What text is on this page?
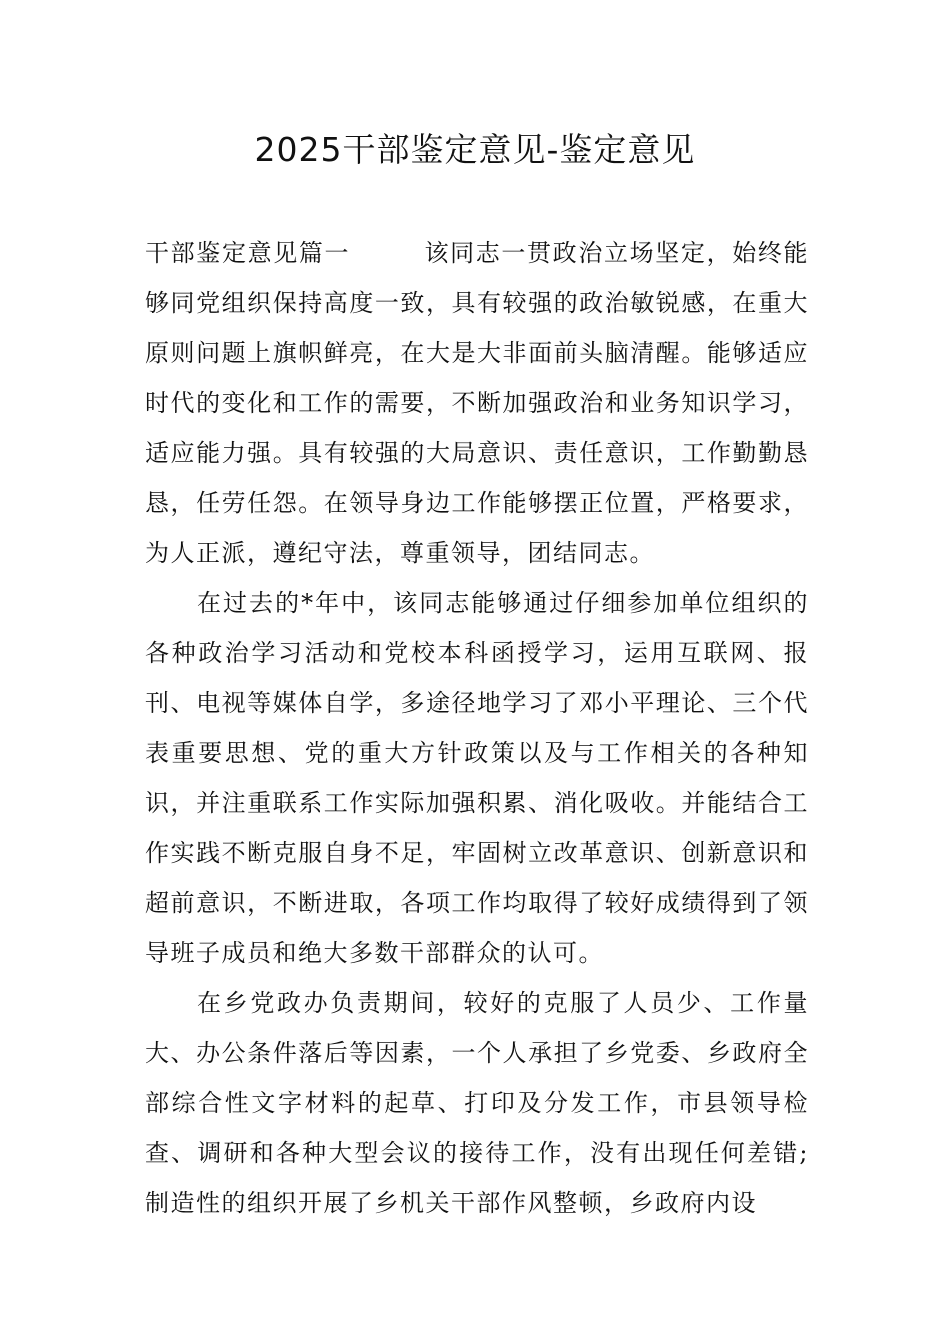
2025干部鉴定意见-鉴定意见

干部鉴定意见篇一	该同志一贯政治立场坚定，始终能够同党组织保持高度一致，具有较强的政治敏锐感，在重大原则问题上旗帜鲜亮，在大是大非面前头脑清醒。能够适应时代的变化和工作的需要，不断加强政治和业务知识学习，适应能力强。具有较强的大局意识、责任意识，工作勤勤恳恳，任劳任怨。在领导身边工作能够摆正位置，严格要求，为人正派，遵纪守法，尊重领导，团结同志。

在过去的*年中，该同志能够通过仔细参加单位组织的各种政治学习活动和党校本科函授学习，运用互联网、报刊、电视等媒体自学，多途径地学习了邓小平理论、三个代表重要思想、党的重大方针政策以及与工作相关的各种知识，并注重联系工作实际加强积累、消化吸收。并能结合工作实践不断克服自身不足，牢固树立改革意识、创新意识和超前意识，不断进取，各项工作均取得了较好成绩得到了领导班子成员和绝大多数干部群众的认可。

在乡党政办负责期间，较好的克服了人员少、工作量大、办公条件落后等因素，一个人承担了乡党委、乡政府全部综合性文字材料的起草、打印及分发工作，市县领导检查、调研和各种大型会议的接待工作，没有出现任何差错;制造性的组织开展了乡机关干部作风整顿，乡政府内设
